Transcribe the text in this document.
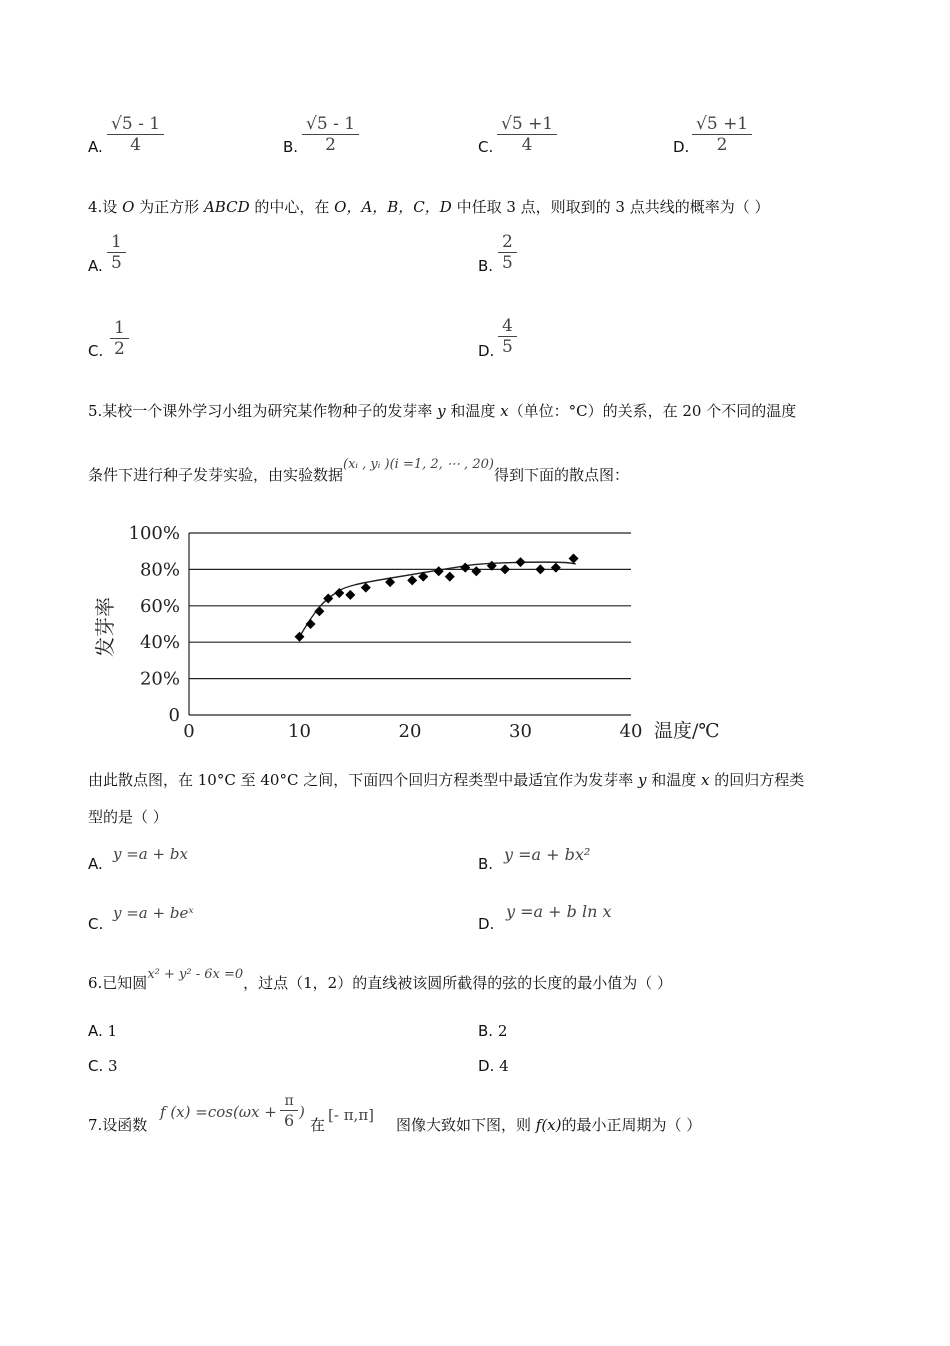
A.
√5 - 1
4	B.
√5 - 1
2	C.
√5 +1
4	D.
√5 +1
2
4.设 O 为正方形 ABCD 的中心，在 O，A，B，C，D 中任取 3 点，则取到的 3 点共线的概率为（ ）
A.
1
5	B.
2
5
C.
1
2	D.
4
5
5.某校一个课外学习小组为研究某作物种子的发芽率 y 和温度 x（单位：°C）的关系，在 20 个不同的温度
条件下进行种子发芽实验，由实验数据(xᵢ , yᵢ )(i =1, 2, ⋯ , 20)得到下面的散点图：
0
20%
40%
60%
80%
100%
0	10	20	30	40 温度/℃
发芽率
由此散点图，在 10°C 至 40°C 之间，下面四个回归方程类型中最适宜作为发芽率 y 和温度 x 的回归方程类
型的是（ ）
A.
y =a + bx
B. y =a + bx²
C.
y =a + beˣ
D.
y =a + b ln x
6.已知圆x² + y² - 6x =0，过点（1，2）的直线被该圆所截得的弦的长度的最小值为（ ）
A. 1	B. 2
C. 3	D. 4
7.设函数
f (x) =cos(ωx +
π
6 )
在
[- π,π]
图像大致如下图，则 f(x)的最小正周期为（ ）
